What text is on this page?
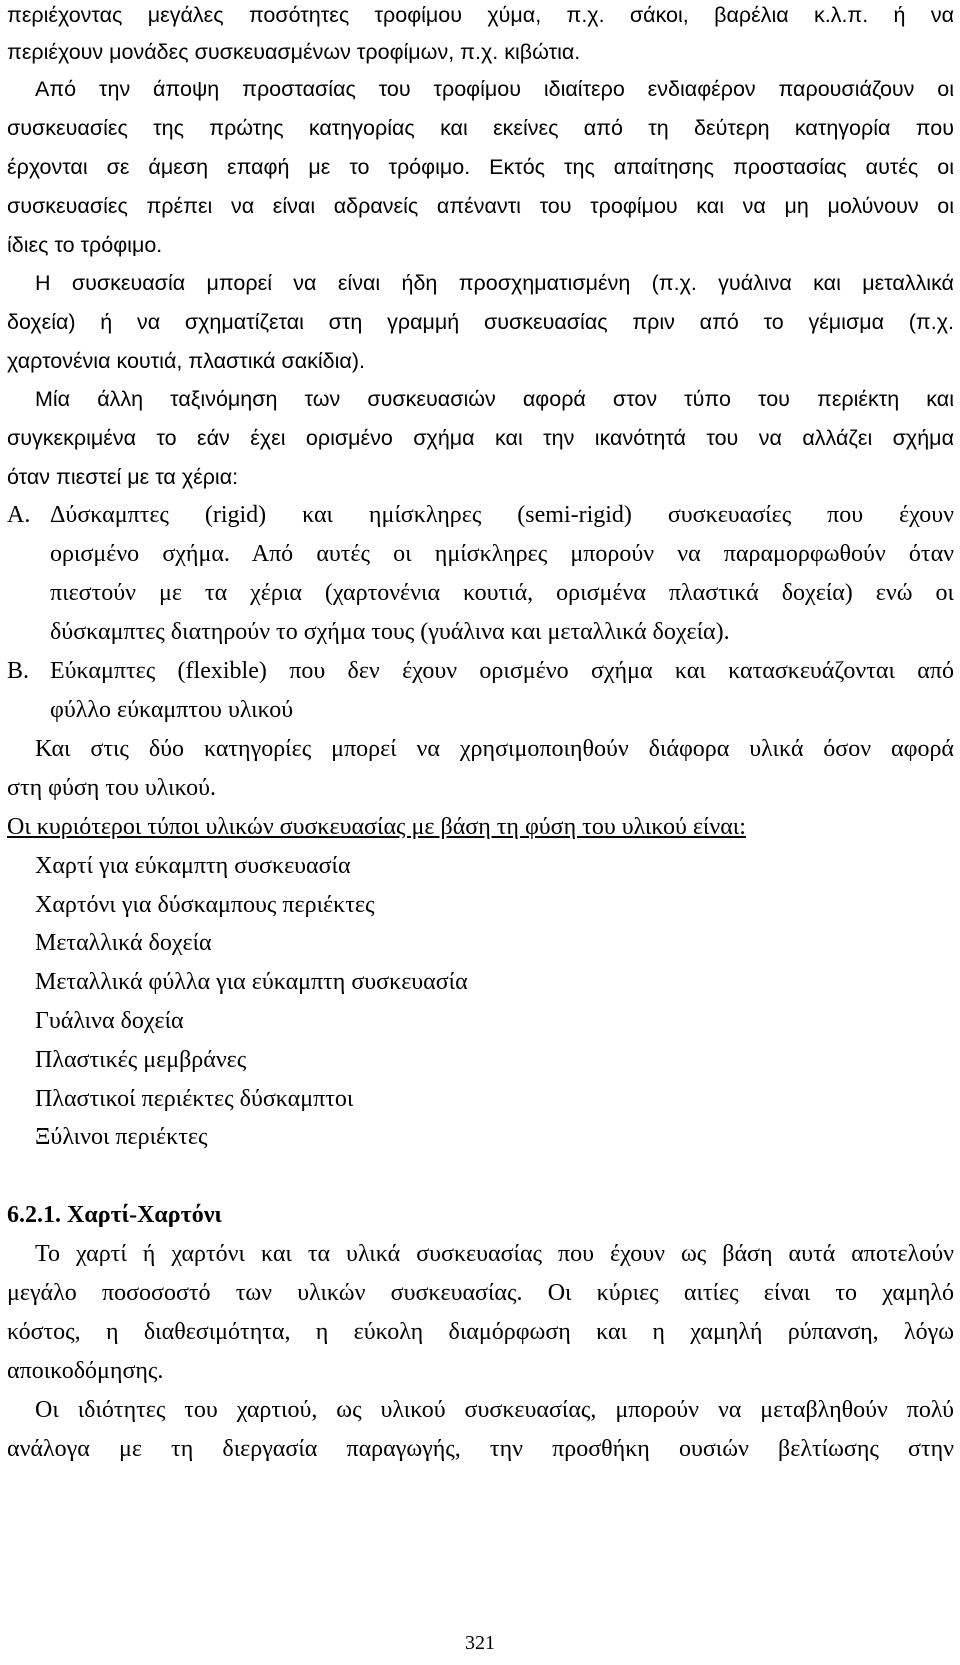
περιέχοντας μεγάλες ποσότητες τροφίμου χύμα, π.χ. σάκοι, βαρέλια κ.λ.π. ή να
περιέχουν μονάδες συσκευασμένων τροφίμων, π.χ. κιβώτια.
Από την άποψη προστασίας του τροφίμου ιδιαίτερο ενδιαφέρον παρουσιάζουν οι
συσκευασίες της πρώτης κατηγορίας και εκείνες από τη δεύτερη κατηγορία που
έρχονται σε άμεση επαφή με το τρόφιμο. Εκτός της απαίτησης προστασίας αυτές οι
συσκευασίες πρέπει να είναι αδρανείς απέναντι του τροφίμου και να μη μολύνουν οι
ίδιες το τρόφιμο.
Η συσκευασία μπορεί να είναι ήδη προσχηματισμένη (π.χ. γυάλινα και μεταλλικά
δοχεία) ή να σχηματίζεται στη γραμμή συσκευασίας πριν από το γέμισμα (π.χ.
χαρτονένια κουτιά, πλαστικά σακίδια).
Μία άλλη ταξινόμηση των συσκευασιών αφορά στον τύπο του περιέκτη και
συγκεκριμένα το εάν έχει ορισμένο σχήμα και την ικανότητά του να αλλάζει σχήμα
όταν πιεστεί με τα χέρια:
Α. Δύσκαμπτες (rigid) και ημίσκληρες (semi-rigid) συσκευασίες που έχουν
ορισμένο σχήμα. Από αυτές οι ημίσκληρες μπορούν να παραμορφωθούν όταν
πιεστούν με τα χέρια (χαρτονένια κουτιά, ορισμένα πλαστικά δοχεία) ενώ οι
δύσκαμπτες διατηρούν το σχήμα τους (γυάλινα και μεταλλικά δοχεία).
Β. Εύκαμπτες (flexible) που δεν έχουν ορισμένο σχήμα και κατασκευάζονται από
φύλλο εύκαμπτου υλικού
Και στις δύο κατηγορίες μπορεί να χρησιμοποιηθούν διάφορα υλικά όσον αφορά
στη φύση του υλικού.
Οι κυριότεροι τύποι υλικών συσκευασίας με βάση τη φύση του υλικού είναι:
Χαρτί για εύκαμπτη συσκευασία
Χαρτόνι για δύσκαμπους περιέκτες
Μεταλλικά δοχεία
Μεταλλικά φύλλα για εύκαμπτη συσκευασία
Γυάλινα δοχεία
Πλαστικές μεμβράνες
Πλαστικοί περιέκτες δύσκαμπτοι
Ξύλινοι περιέκτες
6.2.1. Χαρτί-Χαρτόνι
Το χαρτί ή χαρτόνι και τα υλικά συσκευασίας που έχουν ως βάση αυτά αποτελούν
μεγάλο ποσοσοστό των υλικών συσκευασίας. Οι κύριες αιτίες είναι το χαμηλό
κόστος, η διαθεσιμότητα, η εύκολη διαμόρφωση και η χαμηλή ρύπανση, λόγω
αποικοδόμησης.
Οι ιδιότητες του χαρτιού, ως υλικού συσκευασίας, μπορούν να μεταβληθούν πολύ
ανάλογα με τη διεργασία παραγωγής, την προσθήκη ουσιών βελτίωσης στην
321
